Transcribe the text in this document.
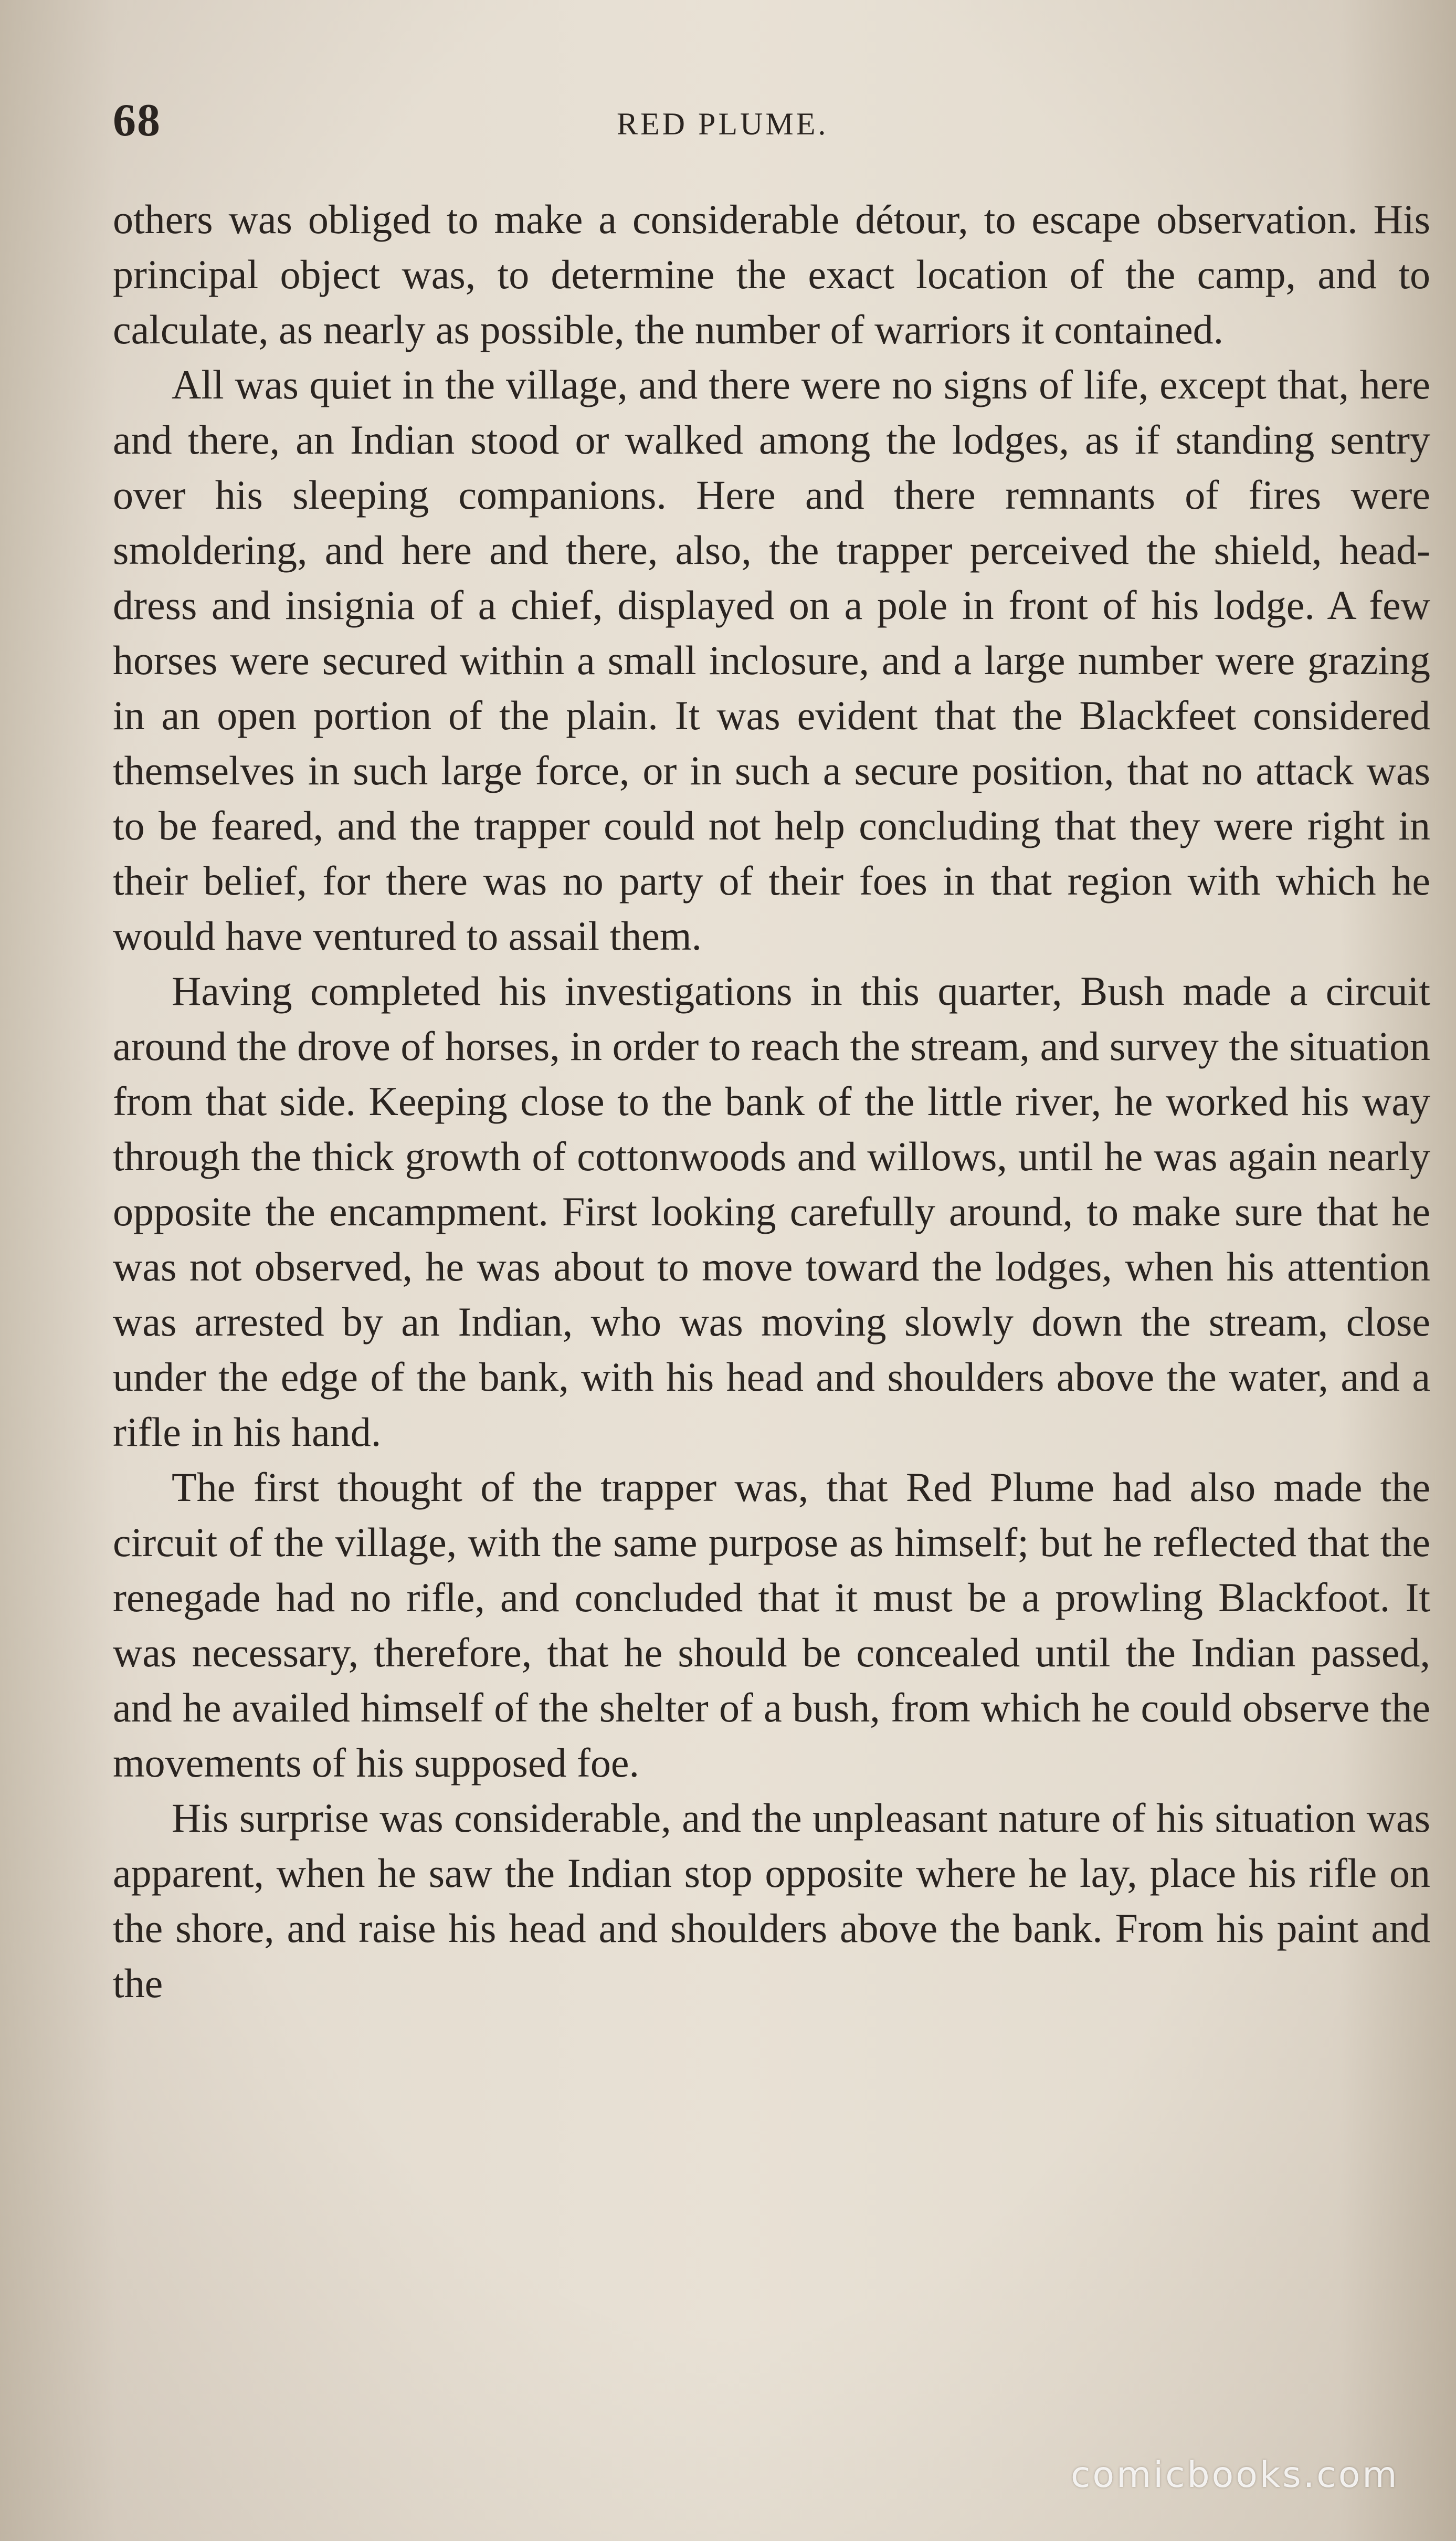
68	RED PLUME.

others was obliged to make a considerable détour, to escape observation. His principal object was, to determine the exact location of the camp, and to calculate, as nearly as possible, the number of warriors it contained.

All was quiet in the village, and there were no signs of life, except that, here and there, an Indian stood or walked among the lodges, as if standing sentry over his sleeping companions. Here and there remnants of fires were smoldering, and here and there, also, the trapper perceived the shield, head-dress and insignia of a chief, displayed on a pole in front of his lodge. A few horses were secured within a small inclosure, and a large number were grazing in an open portion of the plain. It was evident that the Blackfeet considered themselves in such large force, or in such a secure position, that no attack was to be feared, and the trapper could not help concluding that they were right in their belief, for there was no party of their foes in that region with which he would have ventured to assail them.

Having completed his investigations in this quarter, Bush made a circuit around the drove of horses, in order to reach the stream, and survey the situation from that side. Keeping close to the bank of the little river, he worked his way through the thick growth of cottonwoods and willows, until he was again nearly opposite the encampment. First looking carefully around, to make sure that he was not observed, he was about to move toward the lodges, when his attention was arrested by an Indian, who was moving slowly down the stream, close under the edge of the bank, with his head and shoulders above the water, and a rifle in his hand.

The first thought of the trapper was, that Red Plume had also made the circuit of the village, with the same purpose as himself; but he reflected that the renegade had no rifle, and concluded that it must be a prowling Blackfoot. It was necessary, therefore, that he should be concealed until the Indian passed, and he availed himself of the shelter of a bush, from which he could observe the movements of his supposed foe.

His surprise was considerable, and the unpleasant nature of his situation was apparent, when he saw the Indian stop opposite where he lay, place his rifle on the shore, and raise his head and shoulders above the bank. From his paint and the

comicbooks.com
